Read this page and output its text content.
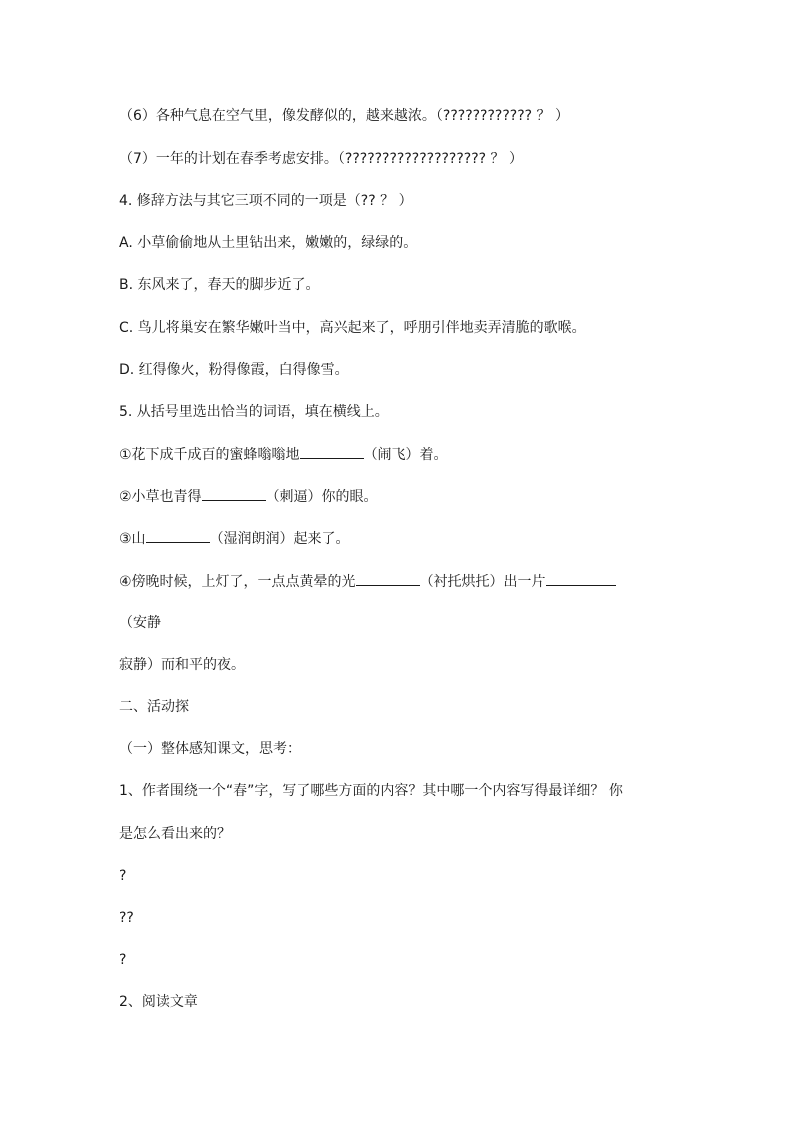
（6）各种气息在空气里，像发酵似的，越来越浓。（???????????? ？ ）
（7）一年的计划在春季考虑安排。（??????????????????? ？ ）
4. 修辞方法与其它三项不同的一项是（?? ？ ）
A. 小草偷偷地从土里钻出来，嫩嫩的，绿绿的。
B. 东风来了，春天的脚步近了。
C. 鸟儿将巢安在繁华嫩叶当中，高兴起来了，呼朋引伴地卖弄清脆的歌喉。
D. 红得像火，粉得像霞，白得像雪。
5. 从括号里选出恰当的词语，填在横线上。
①花下成千成百的蜜蜂嗡嗡地	（闹飞）着。
②小草也青得	（刺逼）你的眼。
③山	（湿润朗润）起来了。
④傍晚时候，上灯了，一点点黄晕的光	（衬托烘托）出一片
（安静
寂静）而和平的夜。
二、活动探
（一）整体感知课文，思考：
1、作者围绕一个“春”字，写了哪些方面的内容？其中哪一个内容写得最详细？ 你
是怎么看出来的？
?
??
?
2、阅读文章
